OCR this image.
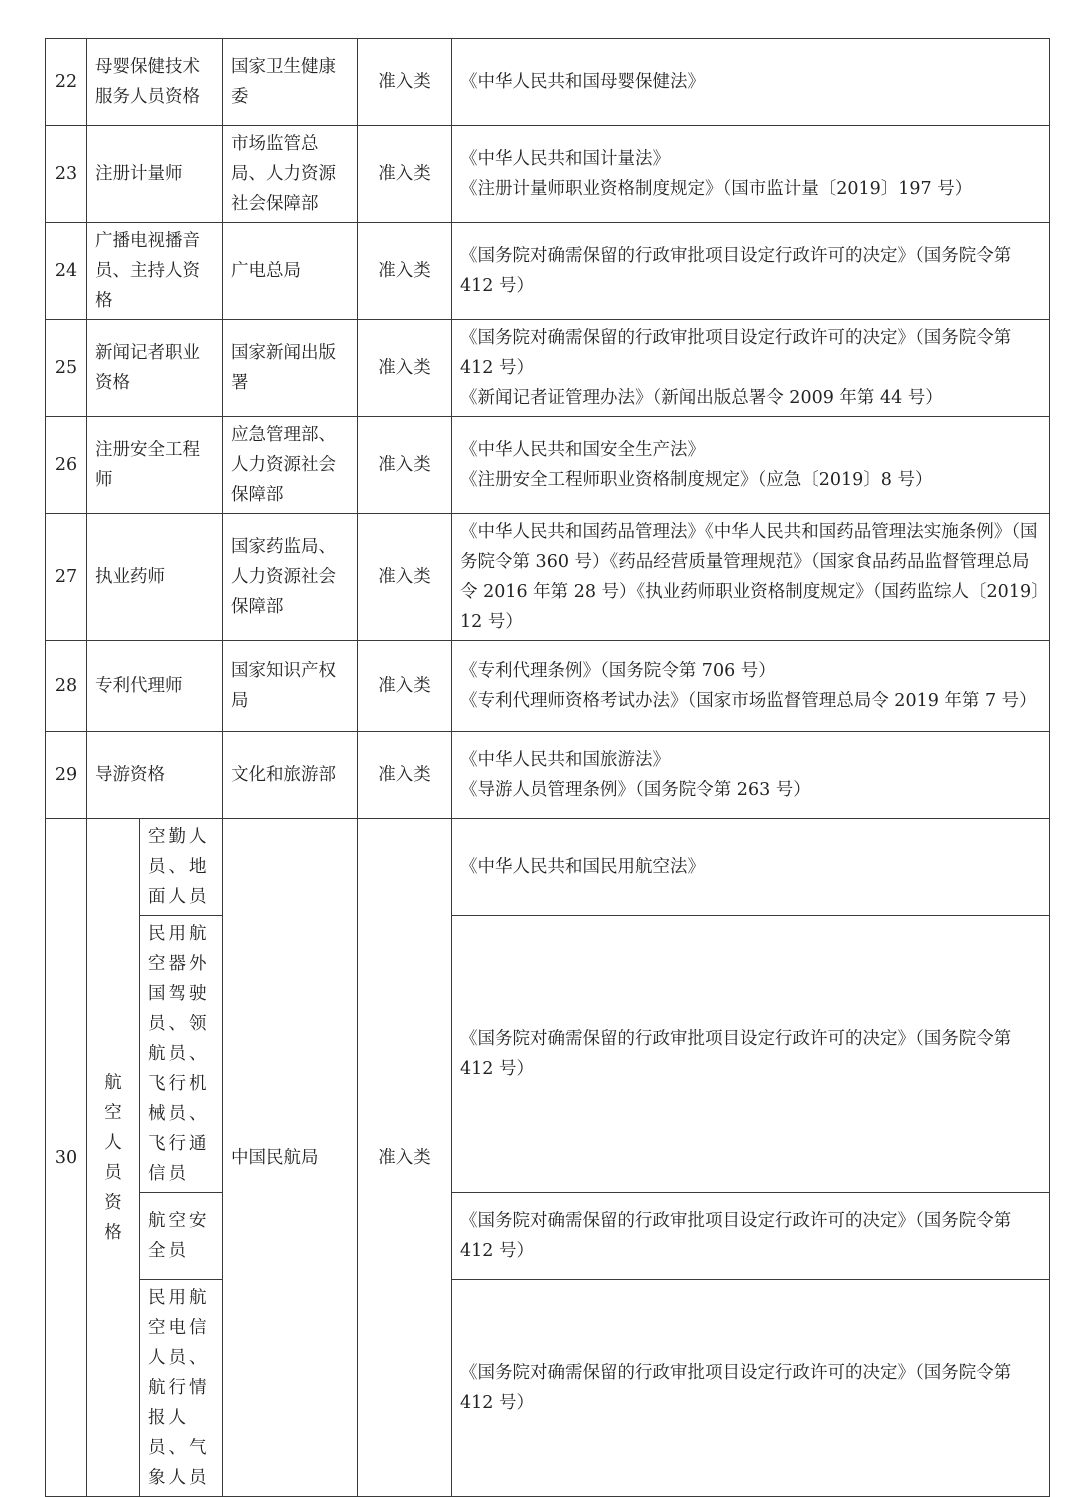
22	母婴保健技术服务人员资格		国家卫生健康委	准入类	《中华人民共和国母婴保健法》

23	注册计量师		市场监管总局、人力资源社会保障部	准入类	《中华人民共和国计量法》
《注册计量师职业资格制度规定》（国市监计量〔2019〕197 号）

24	广播电视播音员、主持人资格		广电总局	准入类	《国务院对确需保留的行政审批项目设定行政许可的决定》（国务院令第 412 号）

25	新闻记者职业资格		国家新闻出版署	准入类	《国务院对确需保留的行政审批项目设定行政许可的决定》（国务院令第 412 号）
《新闻记者证管理办法》（新闻出版总署令 2009 年第 44 号）

26	注册安全工程师		应急管理部、人力资源社会保障部	准入类	《中华人民共和国安全生产法》
《注册安全工程师职业资格制度规定》（应急〔2019〕8 号）

27	执业药师		国家药监局、人力资源社会保障部	准入类	《中华人民共和国药品管理法》《中华人民共和国药品管理法实施条例》（国务院令第 360 号）《药品经营质量管理规范》（国家食品药品监督管理总局令 2016 年第 28 号）《执业药师职业资格制度规定》（国药监综人〔2019〕12 号）

28	专利代理师		国家知识产权局	准入类	《专利代理条例》（国务院令第 706 号）
《专利代理师资格考试办法》（国家市场监督管理总局令 2019 年第 7 号）

29	导游资格		文化和旅游部	准入类	《中华人民共和国旅游法》
《导游人员管理条例》（国务院令第 263 号）

30	航空人员资格	空勤人员、地面人员	中国民航局	准入类	《中华人民共和国民用航空法》

		民用航空器外国驾驶员、领航员、飞行机械员、飞行通信员			《国务院对确需保留的行政审批项目设定行政许可的决定》（国务院令第 412 号）

		航空安全员			《国务院对确需保留的行政审批项目设定行政许可的决定》（国务院令第 412 号）

		民用航空电信人员、航行情报人员、气象人员			《国务院对确需保留的行政审批项目设定行政许可的决定》（国务院令第 412 号）
